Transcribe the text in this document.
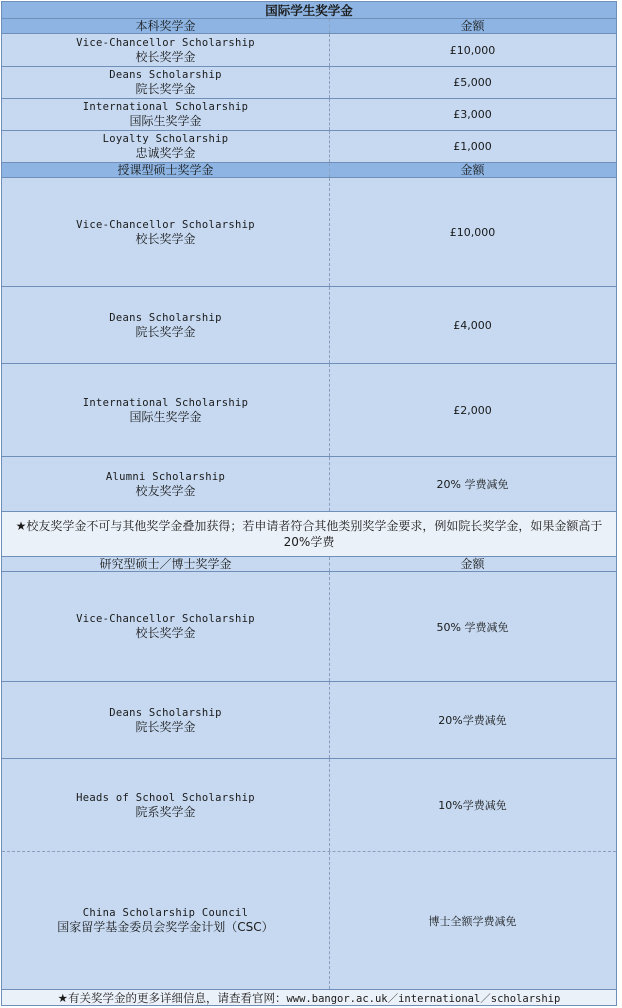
国际学生奖学金
本科奖学金	金额
Vice-Chancellor Scholarship
校长奖学金	£10,000
Deans Scholarship
院长奖学金	£5,000
International Scholarship
国际生奖学金	£3,000
Loyalty Scholarship
忠诚奖学金	£1,000
授课型硕士奖学金	金额
Vice-Chancellor Scholarship
校长奖学金	£10,000
Deans Scholarship
院长奖学金	£4,000
International Scholarship
国际生奖学金	£2,000
Alumni Scholarship
校友奖学金	20% 学费减免
★校友奖学金不可与其他奖学金叠加获得；若申请者符合其他类别奖学金要求，例如院长奖学金，如果金额高于20%学费
研究型硕士／博士奖学金	金额
Vice-Chancellor Scholarship
校长奖学金	50% 学费减免
Deans Scholarship
院长奖学金	20%学费减免
Heads of School Scholarship
院系奖学金	10%学费减免
China Scholarship Council
国家留学基金委员会奖学金计划（CSC）	博士全额学费减免
★有关奖学金的更多详细信息，请查看官网：www.bangor.ac.uk／international／scholarship
